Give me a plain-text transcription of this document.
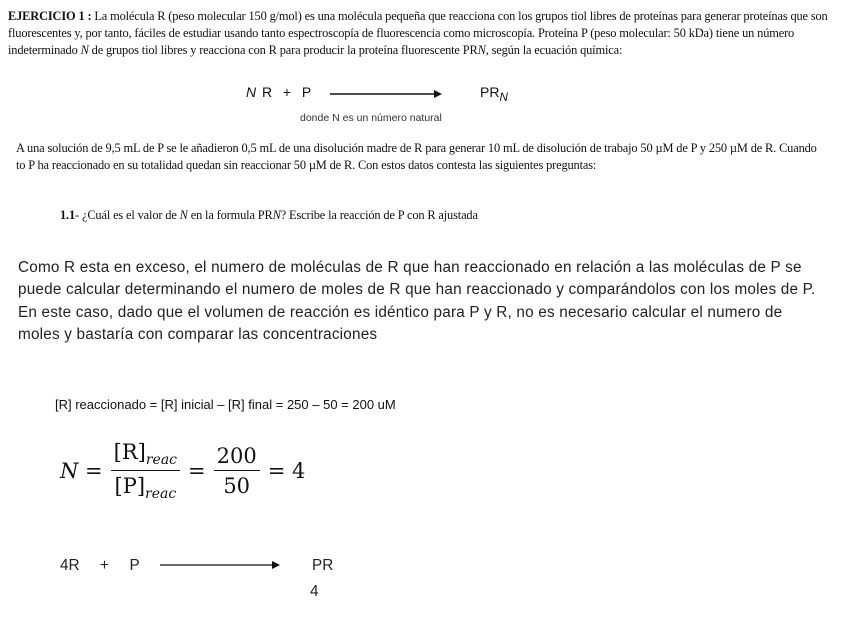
EJERCICIO 1 : La molécula R (peso molecular 150 g/mol) es una molécula pequeña que reacciona con los grupos tiol libres de proteínas para generar proteínas que son fluorescentes y, por tanto, fáciles de estudiar usando tanto espectroscopía de fluorescencia como microscopía. Proteína P (peso molecular: 50 kDa) tiene un número indeterminado N de grupos tiol libres y reacciona con R para producir la proteína fluorescente PRN, según la ecuación química:
N R  +  P	$PR_N$
donde N es un número natural
A una solución de 9,5 mL de P se le añadieron 0,5 mL de una disolución madre de R para generar 10 mL de disolución de trabajo 50 µM de P y 250 µM de R. Cuando to P ha reaccionado en su totalidad quedan sin reaccionar 50 µM de R. Con estos datos contesta las siguientes preguntas:
1.1- ¿Cuál es el valor de N en la formula PRN? Escribe la reacción de P con R ajustada
Como R esta en exceso, el numero de moléculas de R que han reaccionado en relación a las moléculas de P se puede calcular determinando el numero de moles de R que han reaccionado y comparándolos con los moles de P. En este caso, dado que el volumen de reacción es idéntico para P y R, no es necesario calcular el numero de moles y bastaría con comparar las concentraciones
[R] reaccionado = [R] inicial – [R] final = 250 – 50 = 200 uM
$N = \frac{[R]_{reac}}{[P]_{reac}} = \frac{200}{50} = 4$
4R  +  P	PR
4
